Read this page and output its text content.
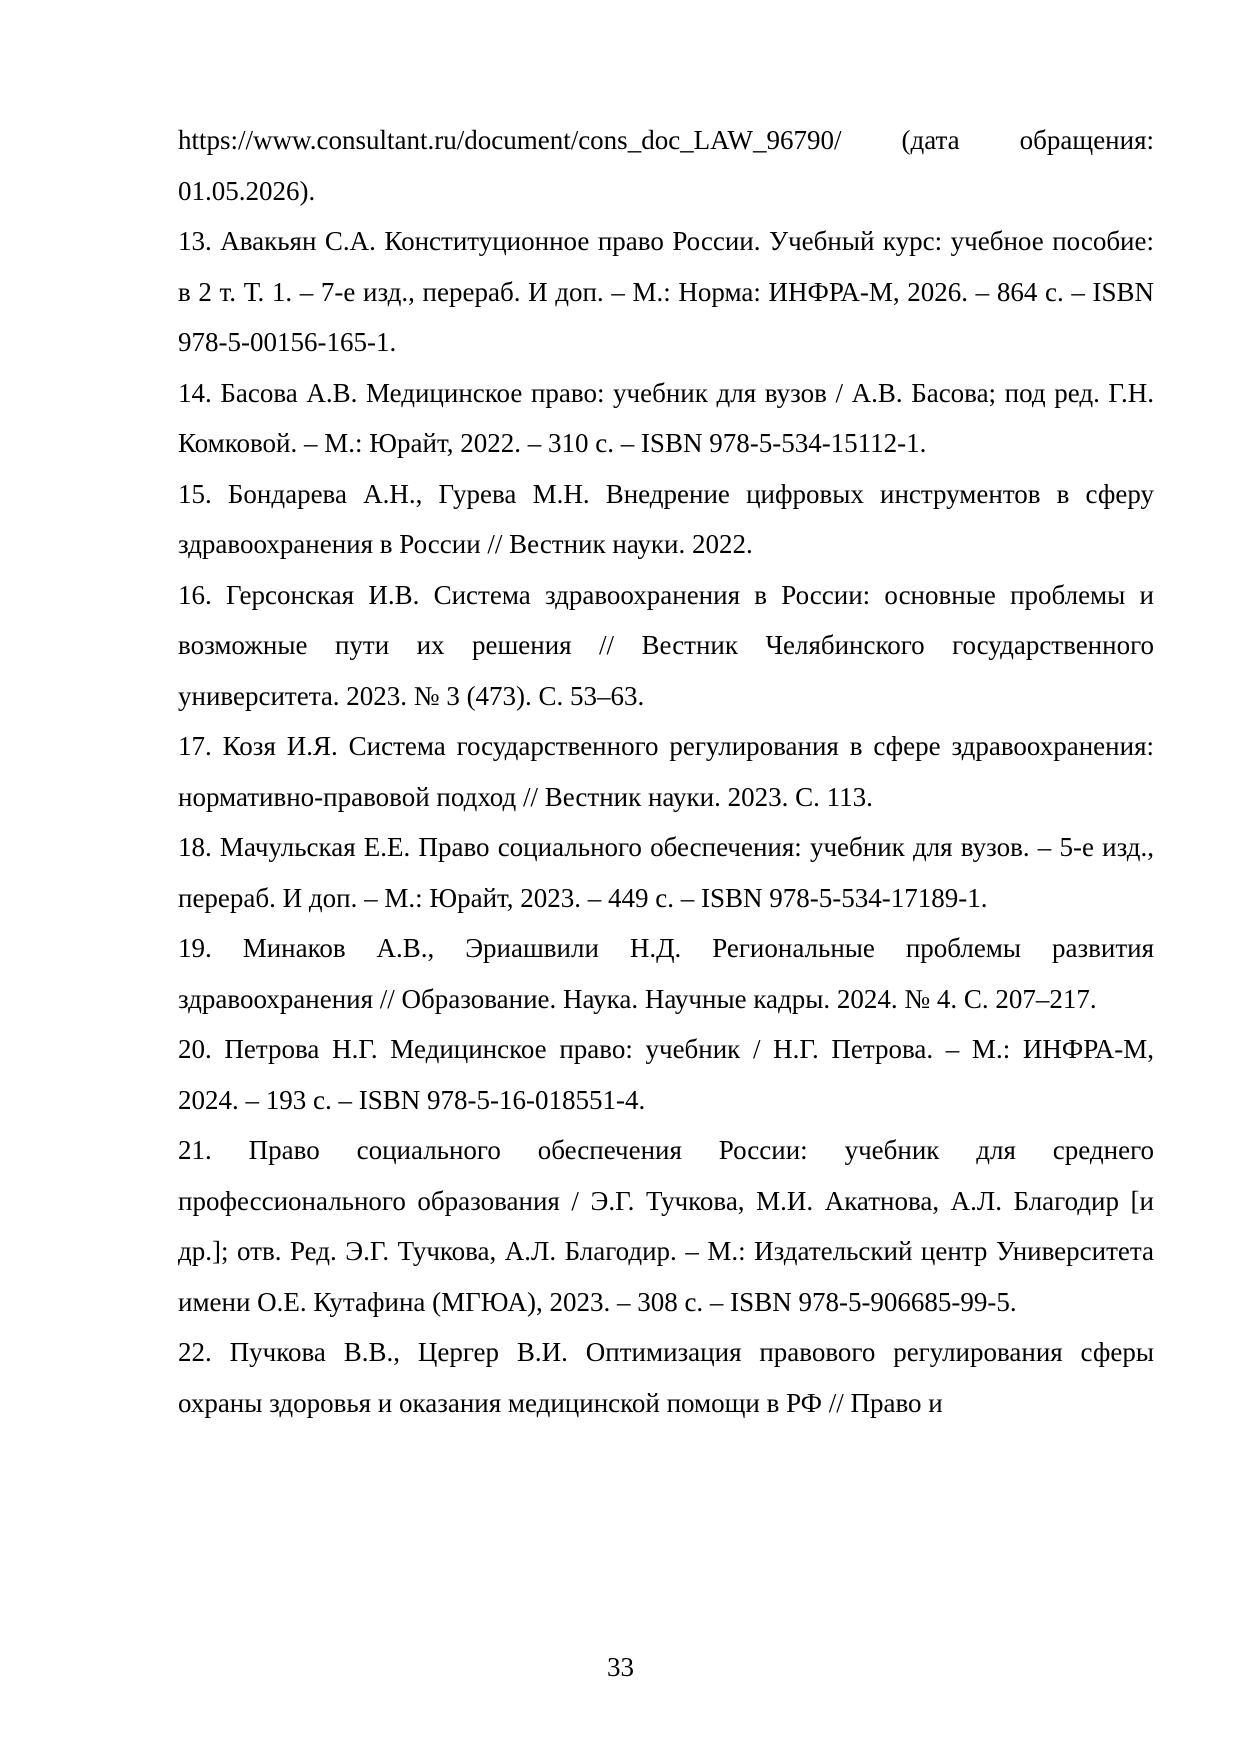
https://www.consultant.ru/document/cons_doc_LAW_96790/ (дата обращения: 01.05.2026).

13. Авакьян С.А. Конституционное право России. Учебный курс: учебное пособие: в 2 т. Т. 1. – 7-е изд., перераб. И доп. – М.: Норма: ИНФРА-М, 2026. – 864 с. – ISBN 978-5-00156-165-1.

14. Басова А.В. Медицинское право: учебник для вузов / А.В. Басова; под ред. Г.Н. Комковой. – М.: Юрайт, 2022. – 310 с. – ISBN 978-5-534-15112-1.

15. Бондарева А.Н., Гурева М.Н. Внедрение цифровых инструментов в сферу здравоохранения в России // Вестник науки. 2022.

16. Герсонская И.В. Система здравоохранения в России: основные проблемы и возможные пути их решения // Вестник Челябинского государственного университета. 2023. № 3 (473). С. 53–63.

17. Козя И.Я. Система государственного регулирования в сфере здравоохранения: нормативно-правовой подход // Вестник науки. 2023. С. 113.

18. Мачульская Е.Е. Право социального обеспечения: учебник для вузов. – 5-е изд., перераб. И доп. – М.: Юрайт, 2023. – 449 с. – ISBN 978-5-534-17189-1.

19. Минаков А.В., Эриашвили Н.Д. Региональные проблемы развития здравоохранения // Образование. Наука. Научные кадры. 2024. № 4. С. 207–217.

20. Петрова Н.Г. Медицинское право: учебник / Н.Г. Петрова. – М.: ИНФРА-М, 2024. – 193 с. – ISBN 978-5-16-018551-4.

21. Право социального обеспечения России: учебник для среднего профессионального образования / Э.Г. Тучкова, М.И. Акатнова, А.Л. Благодир [и др.]; отв. Ред. Э.Г. Тучкова, А.Л. Благодир. – М.: Издательский центр Университета имени О.Е. Кутафина (МГЮА), 2023. – 308 с. – ISBN 978-5-906685-99-5.

22. Пучкова В.В., Цергер В.И. Оптимизация правового регулирования сферы охраны здоровья и оказания медицинской помощи в РФ // Право и

33
